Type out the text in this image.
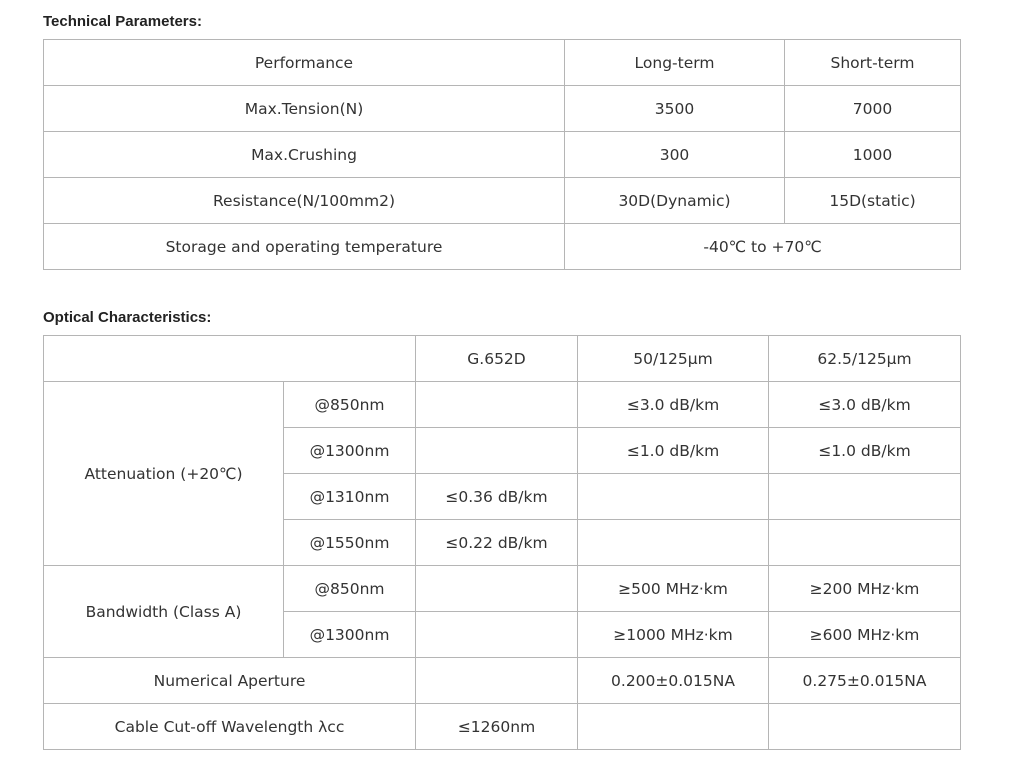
Technical Parameters:
Performance	Long-term	Short-term
Max.Tension(N)	3500	7000
Max.Crushing	300	1000
Resistance(N/100mm2)	30D(Dynamic)	15D(static)
Storage and operating temperature	-40℃ to +70℃	
Optical Characteristics:
		G.652D	50/125μm	62.5/125μm
Attenuation (+20℃)	@850nm		≤3.0 dB/km	≤3.0 dB/km
	@1300nm		≤1.0 dB/km	≤1.0 dB/km
	@1310nm	≤0.36 dB/km		
	@1550nm	≤0.22 dB/km		
Bandwidth (Class A)	@850nm		≥500 MHz·km	≥200 MHz·km
	@1300nm		≥1000 MHz·km	≥600 MHz·km
Numerical Aperture			0.200±0.015NA	0.275±0.015NA
Cable Cut-off Wavelength λcc		≤1260nm		
